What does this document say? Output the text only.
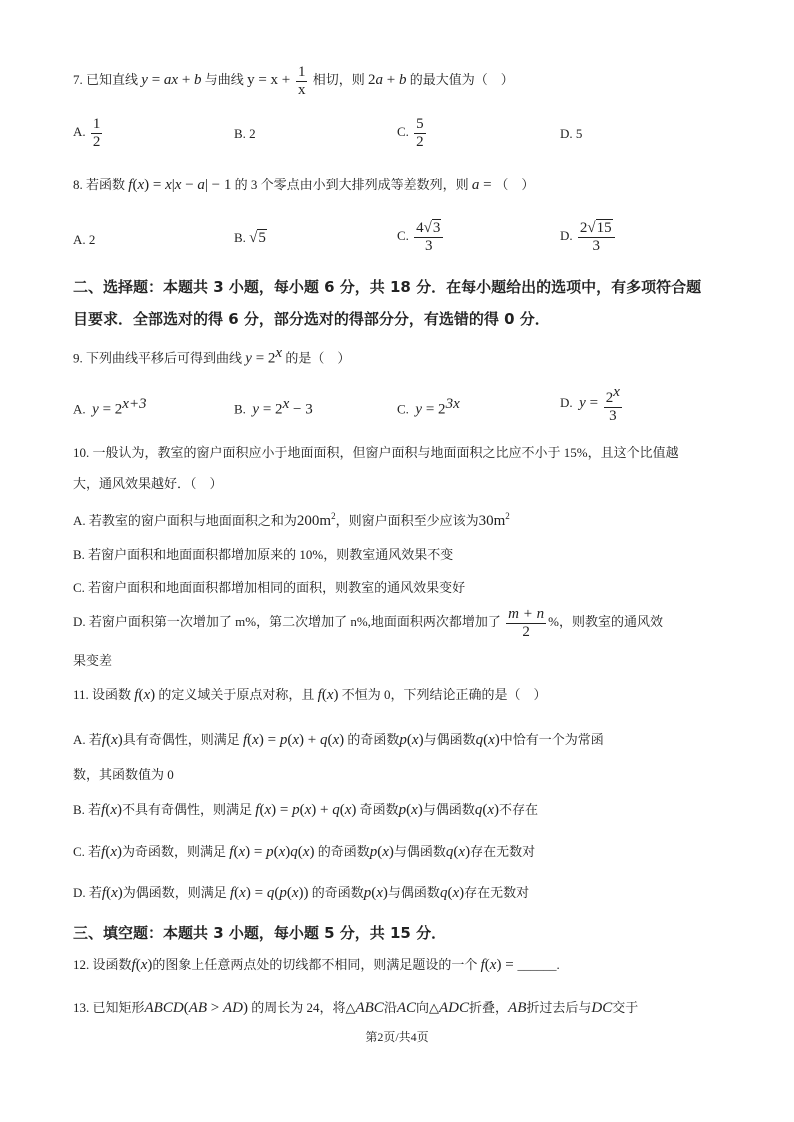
7. 已知直线 y = ax + b 与曲线 $y = x + \frac{1}{x}$ 相切，则 2a + b 的最大值为（　）
A. $\frac{1}{2}$	B. 2	C. $\frac{5}{2}$	D. 5
8. 若函数 f(x) = x|x − a| − 1 的 3 个零点由小到大排列成等差数列，则 a = （　）
A. 2	B. √5	C. $\frac{4√3}{3}$	D. $\frac{2√15}{3}$
二、选择题：本题共 3 小题，每小题 6 分，共 18 分．在每小题给出的选项中，有多项符合题
目要求．全部选对的得 6 分，部分选对的得部分分，有选错的得 0 分．
9. 下列曲线平移后可得到曲线 $y = 2^x$ 的是（　）
A. $y = 2^{x+3}$	B. $y = 2^x - 3$	C. $y = 2^{3x}$	D. $y = \frac{2^x}{3}$
10. 一般认为，教室的窗户面积应小于地面面积，但窗户面积与地面面积之比应不小于 15%，且这个比值越
大，通风效果越好．（　）
A. 若教室的窗户面积与地面面积之和为$200m^2$，则窗户面积至少应该为$30m^2$
B. 若窗户面积和地面面积都增加原来的 10%，则教室通风效果不变
C. 若窗户面积和地面面积都增加相同的面积，则教室的通风效果变好
D. 若窗户面积第一次增加了 m%，第二次增加了 n%,地面面积两次都增加了 $\frac{m + n}{2}$ %，则教室的通风效
果变差
11. 设函数 f(x) 的定义域关于原点对称，且 f(x) 不恒为 0，下列结论正确的是（　）
A. 若f(x)具有奇偶性，则满足 f(x) = p(x) + q(x) 的奇函数p(x)与偶函数q(x)中恰有一个为常函
数，其函数值为 0
B. 若f(x)不具有奇偶性，则满足 f(x) = p(x) + q(x) 奇函数p(x)与偶函数q(x)不存在
C. 若f(x)为奇函数，则满足 f(x) = p(x)q(x) 的奇函数p(x)与偶函数q(x)存在无数对
D. 若f(x)为偶函数，则满足 f(x) = q(p(x)) 的奇函数p(x)与偶函数q(x)存在无数对
三、填空题：本题共 3 小题，每小题 5 分，共 15 分．
12. 设函数f(x)的图象上任意两点处的切线都不相同，则满足题设的一个 f(x) = ______.
13. 已知矩形ABCD(AB > AD) 的周长为 24，将△ABC沿AC向△ADC折叠，AB折过去后与DC交于
第2页/共4页
